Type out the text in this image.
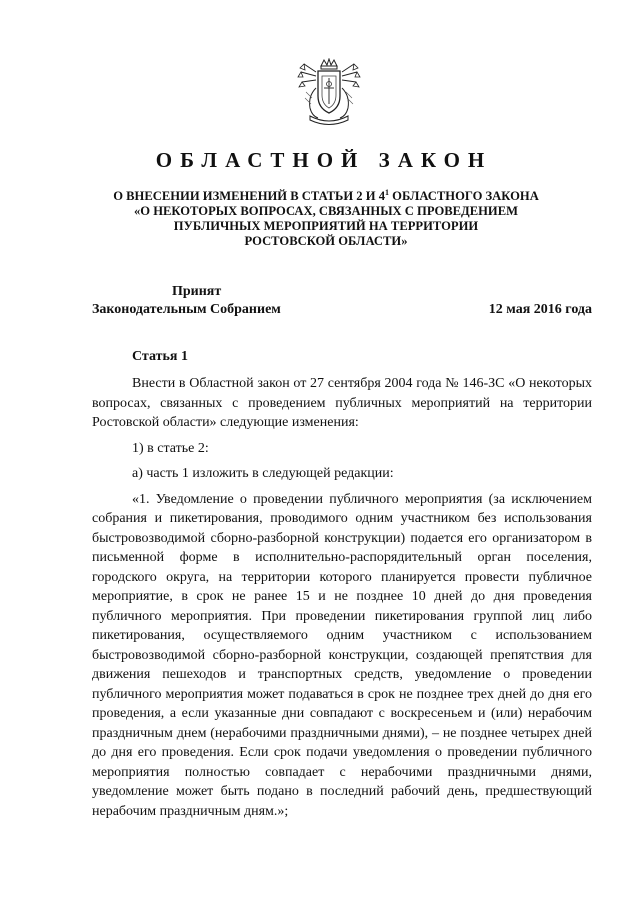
ОБЛАСТНОЙ ЗАКОН
О ВНЕСЕНИИ ИЗМЕНЕНИЙ В СТАТЬИ 2 И $4^1$ ОБЛАСТНОГО ЗАКОНА
«О НЕКОТОРЫХ ВОПРОСАХ, СВЯЗАННЫХ С ПРОВЕДЕНИЕМ
ПУБЛИЧНЫХ МЕРОПРИЯТИЙ НА ТЕРРИТОРИИ
РОСТОВСКОЙ ОБЛАСТИ»
Принят
Законодательным Собранием	12 мая 2016 года
Статья 1

Внести в Областной закон от 27 сентября 2004 года № 146-ЗС «О некоторых вопросах, связанных с проведением публичных мероприятий на территории Ростовской области» следующие изменения:

1) в статье 2:

а) часть 1 изложить в следующей редакции:

«1. Уведомление о проведении публичного мероприятия (за исключением собрания и пикетирования, проводимого одним участником без использования быстровозводимой сборно-разборной конструкции) подается его организатором в письменной форме в исполнительно-распорядительный орган поселения, городского округа, на территории которого планируется провести публичное мероприятие, в срок не ранее 15 и не позднее 10 дней до дня проведения публичного мероприятия. При проведении пикетирования группой лиц либо пикетирования, осуществляемого одним участником с использованием быстровозводимой сборно-разборной конструкции, создающей препятствия для движения пешеходов и транспортных средств, уведомление о проведении публичного мероприятия может подаваться в срок не позднее трех дней до дня его проведения, а если указанные дни совпадают с воскресеньем и (или) нерабочим праздничным днем (нерабочими праздничными днями), – не позднее четырех дней до дня его проведения. Если срок подачи уведомления о проведении публичного мероприятия полностью совпадает с нерабочими праздничными днями, уведомление может быть подано в последний рабочий день, предшествующий нерабочим праздничным дням.»;
